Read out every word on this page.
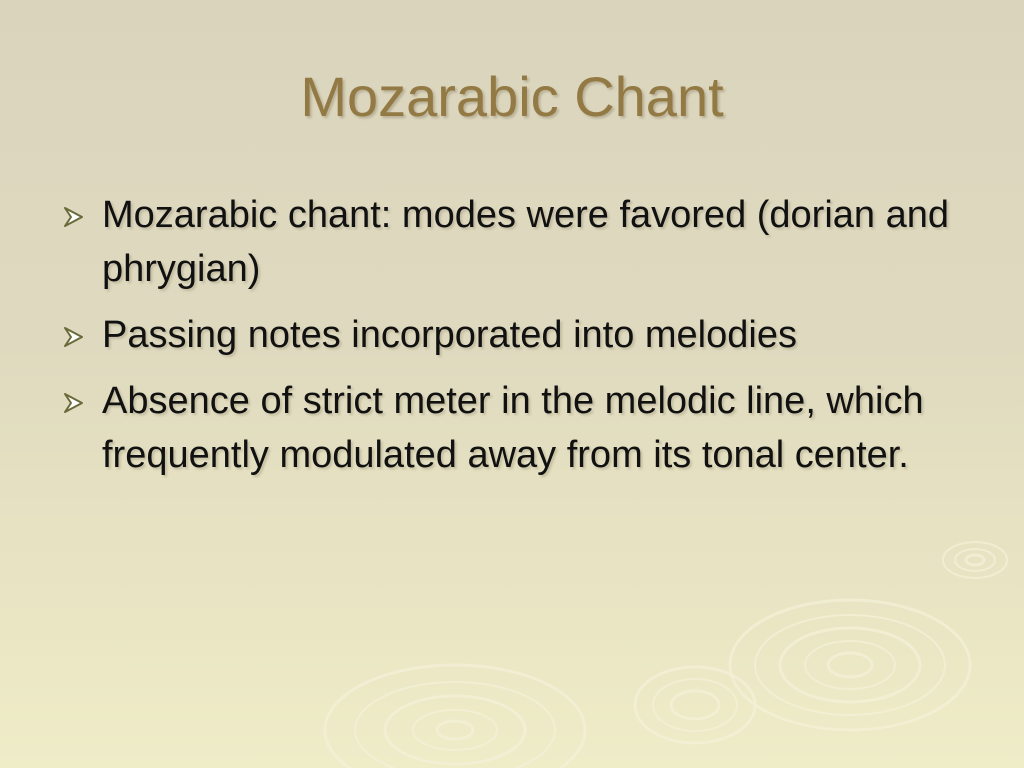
Mozarabic Chant
Mozarabic chant: modes were favored (dorian and phrygian)
Passing notes incorporated into melodies
Absence of strict meter in the melodic line, which frequently modulated away from its tonal center.
